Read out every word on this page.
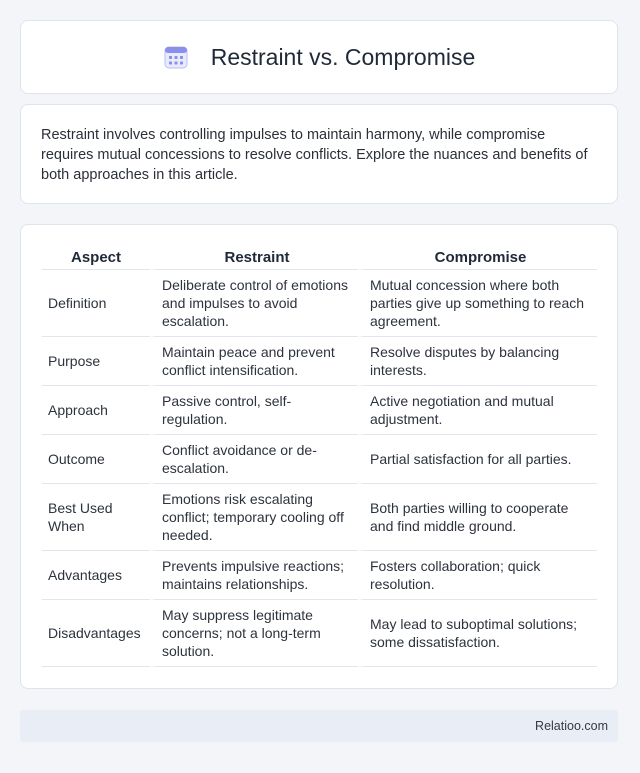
Restraint vs. Compromise

Restraint involves controlling impulses to maintain harmony, while compromise requires mutual concessions to resolve conflicts. Explore the nuances and benefits of both approaches in this article.

Aspect	Restraint	Compromise
Definition	Deliberate control of emotions and impulses to avoid escalation.	Mutual concession where both parties give up something to reach agreement.
Purpose	Maintain peace and prevent conflict intensification.	Resolve disputes by balancing interests.
Approach	Passive control, self-regulation.	Active negotiation and mutual adjustment.
Outcome	Conflict avoidance or de-escalation.	Partial satisfaction for all parties.
Best Used When	Emotions risk escalating conflict; temporary cooling off needed.	Both parties willing to cooperate and find middle ground.
Advantages	Prevents impulsive reactions; maintains relationships.	Fosters collaboration; quick resolution.
Disadvantages	May suppress legitimate concerns; not a long-term solution.	May lead to suboptimal solutions; some dissatisfaction.
Relatioo.com
